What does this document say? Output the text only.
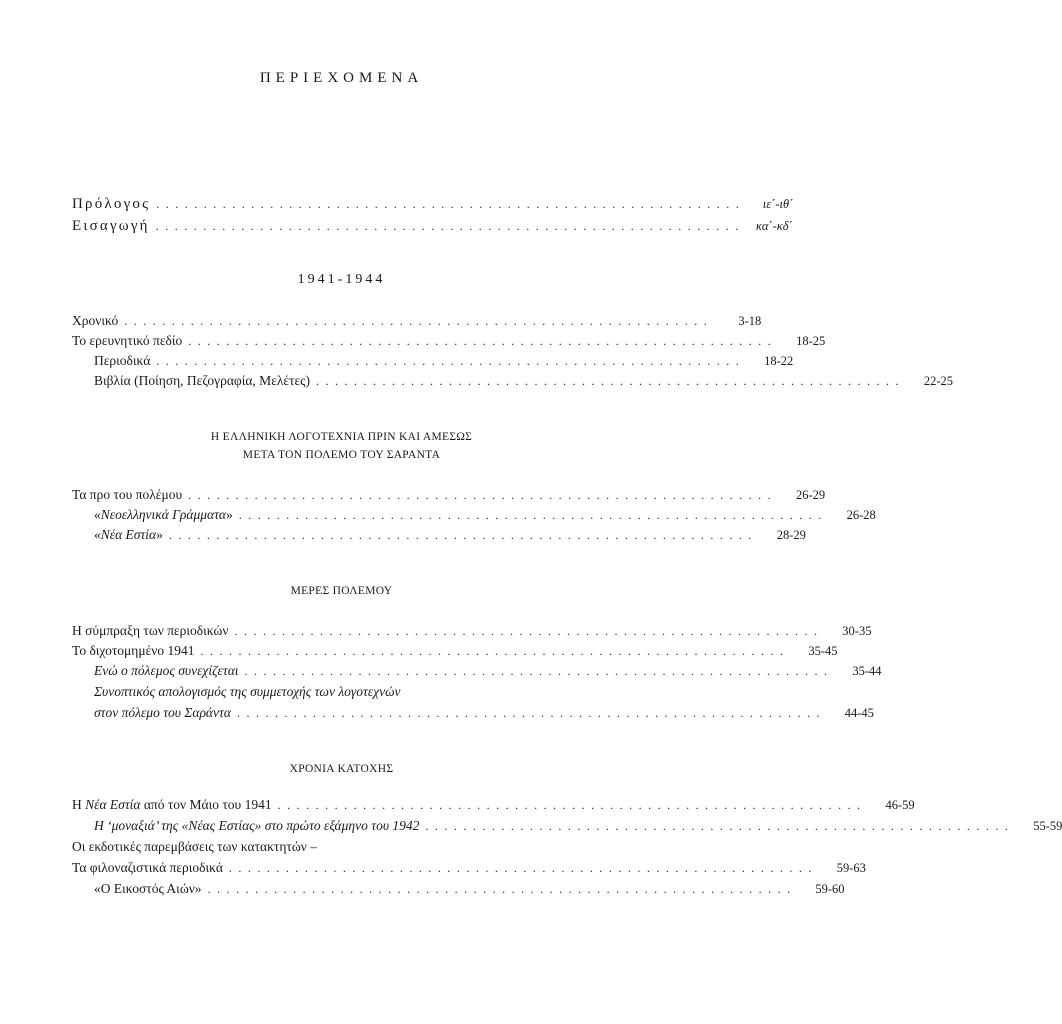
ΠΕΡΙΕΧΟΜΕΝΑ
Πρόλογος ..............................................................	ιε΄-ιθ΄
Εισαγωγή .............................................................. κα΄-κδ΄
1941-1944
Χρονικό ..............................................................	3-18
Το ερευνητικό πεδίο ..............................................................	18-25
Περιοδικά ..............................................................	18-22
Βιβλία (Ποίηση, Πεζογραφία, Μελέτες) ..............................................................	22-25
Η ΕΛΛΗΝΙΚΗ ΛΟΓΟΤΕΧΝΙΑ ΠΡΙΝ ΚΑΙ ΑΜΕΣΩΣ
ΜΕΤΑ ΤΟΝ ΠΟΛΕΜΟ ΤΟΥ ΣΑΡΑΝΤΑ
Τα προ του πολέμου ..............................................................	26-29
«Νεοελληνικά Γράμματα» ..............................................................	26-28
«Νέα Εστία» ..............................................................	28-29
ΜΕΡΕΣ ΠΟΛΕΜΟΥ
Η σύμπραξη των περιοδικών ..............................................................	30-35
Το διχοτομημένο 1941 ..............................................................	35-45
Ενώ ο πόλεμος συνεχίζεται ..............................................................	35-44
Συνοπτικός απολογισμός της συμμετοχής των λογοτεχνών
στον πόλεμο του Σαράντα ..............................................................	44-45
ΧΡΟΝΙΑ ΚΑΤΟΧΗΣ
Η Νέα Εστία από τον Μάιο του 1941 ..............................................................	46-59
Η ‘μοναξιά’ της «Νέας Εστίας» στο πρώτο εξάμηνο του 1942 ..............................................................	55-59
Οι εκδοτικές παρεμβάσεις των κατακτητών –
Τα φιλοναζιστικά περιοδικά ..............................................................	59-63
«Ο Εικοστός Αιών» ..............................................................	59-60
